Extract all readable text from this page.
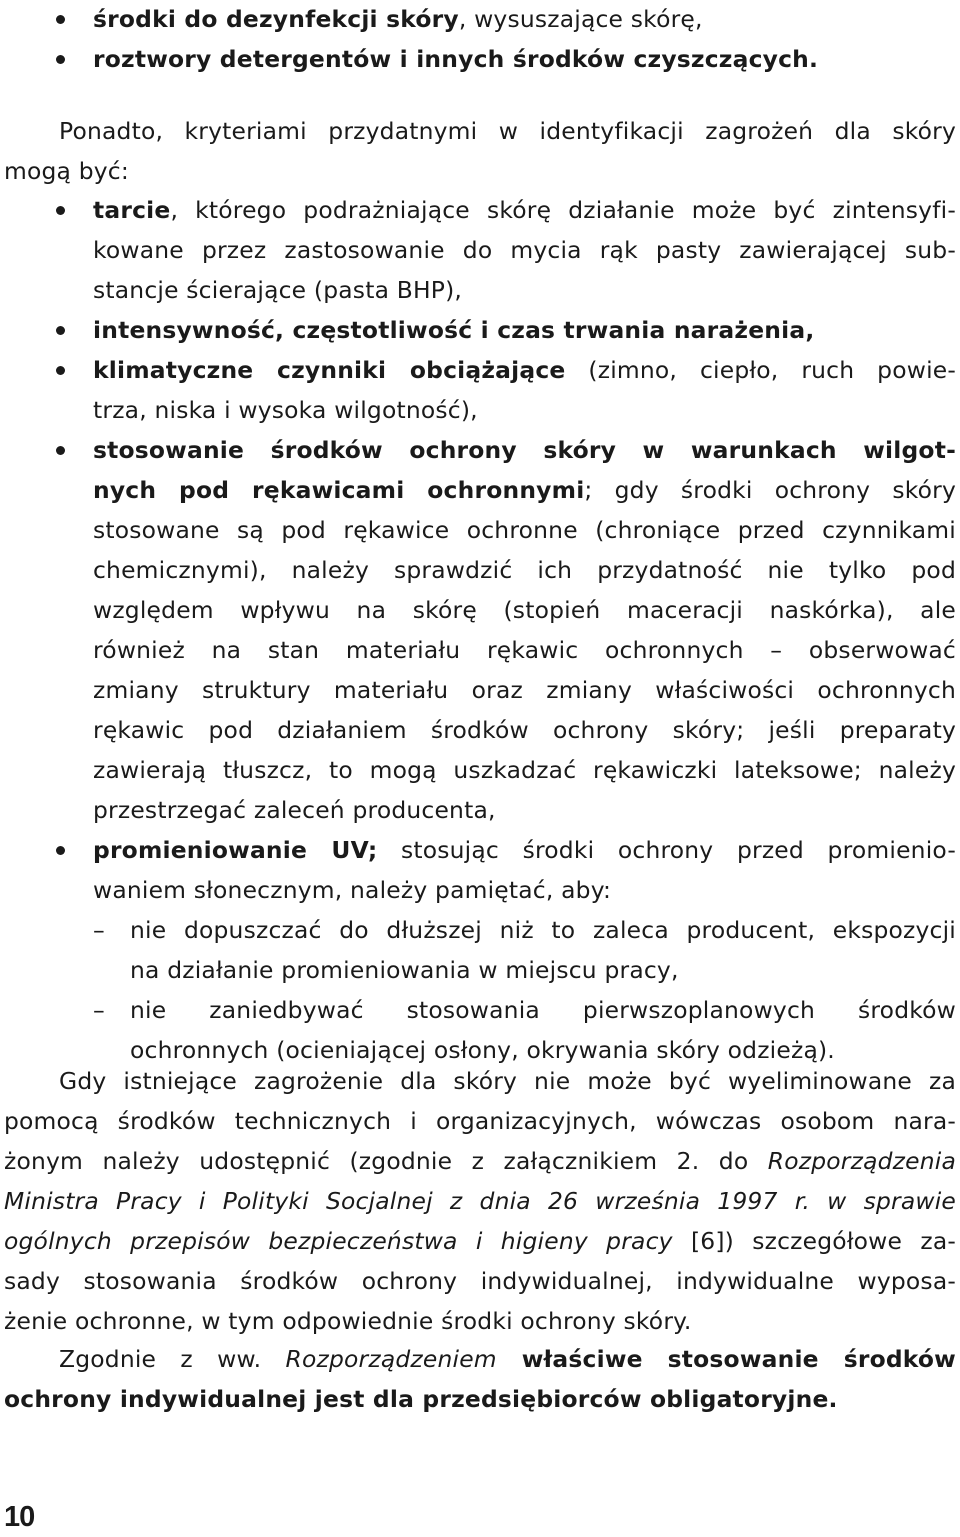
środki do dezynfekcji skóry, wysuszające skórę,
roztwory detergentów i innych środków czyszczących.
Ponadto, kryteriami przydatnymi w identyfikacji zagrożeń dla skóry
mogą być:
tarcie, którego podrażniające skórę działanie może być zintensyfi-
kowane przez zastosowanie do mycia rąk pasty zawierającej sub-
stancje ścierające (pasta BHP),
intensywność, częstotliwość i czas trwania narażenia,
klimatyczne czynniki obciążające (zimno, ciepło, ruch powie-
trza, niska i wysoka wilgotność),
stosowanie środków ochrony skóry w warunkach wilgot-
nych pod rękawicami ochronnymi; gdy środki ochrony skóry
stosowane są pod rękawice ochronne (chroniące przed czynnikami
chemicznymi), należy sprawdzić ich przydatność nie tylko pod
względem wpływu na skórę (stopień maceracji naskórka), ale
również na stan materiału rękawic ochronnych – obserwować
zmiany struktury materiału oraz zmiany właściwości ochronnych
rękawic pod działaniem środków ochrony skóry; jeśli preparaty
zawierają tłuszcz, to mogą uszkadzać rękawiczki lateksowe; należy
przestrzegać zaleceń producenta,
promieniowanie UV; stosując środki ochrony przed promienio-
waniem słonecznym, należy pamiętać, aby:
–	nie dopuszczać do dłuższej niż to zaleca producent, ekspozycji
na działanie promieniowania w miejscu pracy,
–	nie zaniedbywać stosowania pierwszoplanowych środków
ochronnych (ocieniającej osłony, okrywania skóry odzieżą).
Gdy istniejące zagrożenie dla skóry nie może być wyeliminowane za
pomocą środków technicznych i organizacyjnych, wówczas osobom nara-
żonym należy udostępnić (zgodnie z załącznikiem 2. do Rozporządzenia
Ministra Pracy i Polityki Socjalnej z dnia 26 września 1997 r. w sprawie
ogólnych przepisów bezpieczeństwa i higieny pracy [6]) szczegółowe za-
sady stosowania środków ochrony indywidualnej, indywidualne wyposa-
żenie ochronne, w tym odpowiednie środki ochrony skóry.
Zgodnie z ww. Rozporządzeniem właściwe stosowanie środków
ochrony indywidualnej jest dla przedsiębiorców obligatoryjne.
10
